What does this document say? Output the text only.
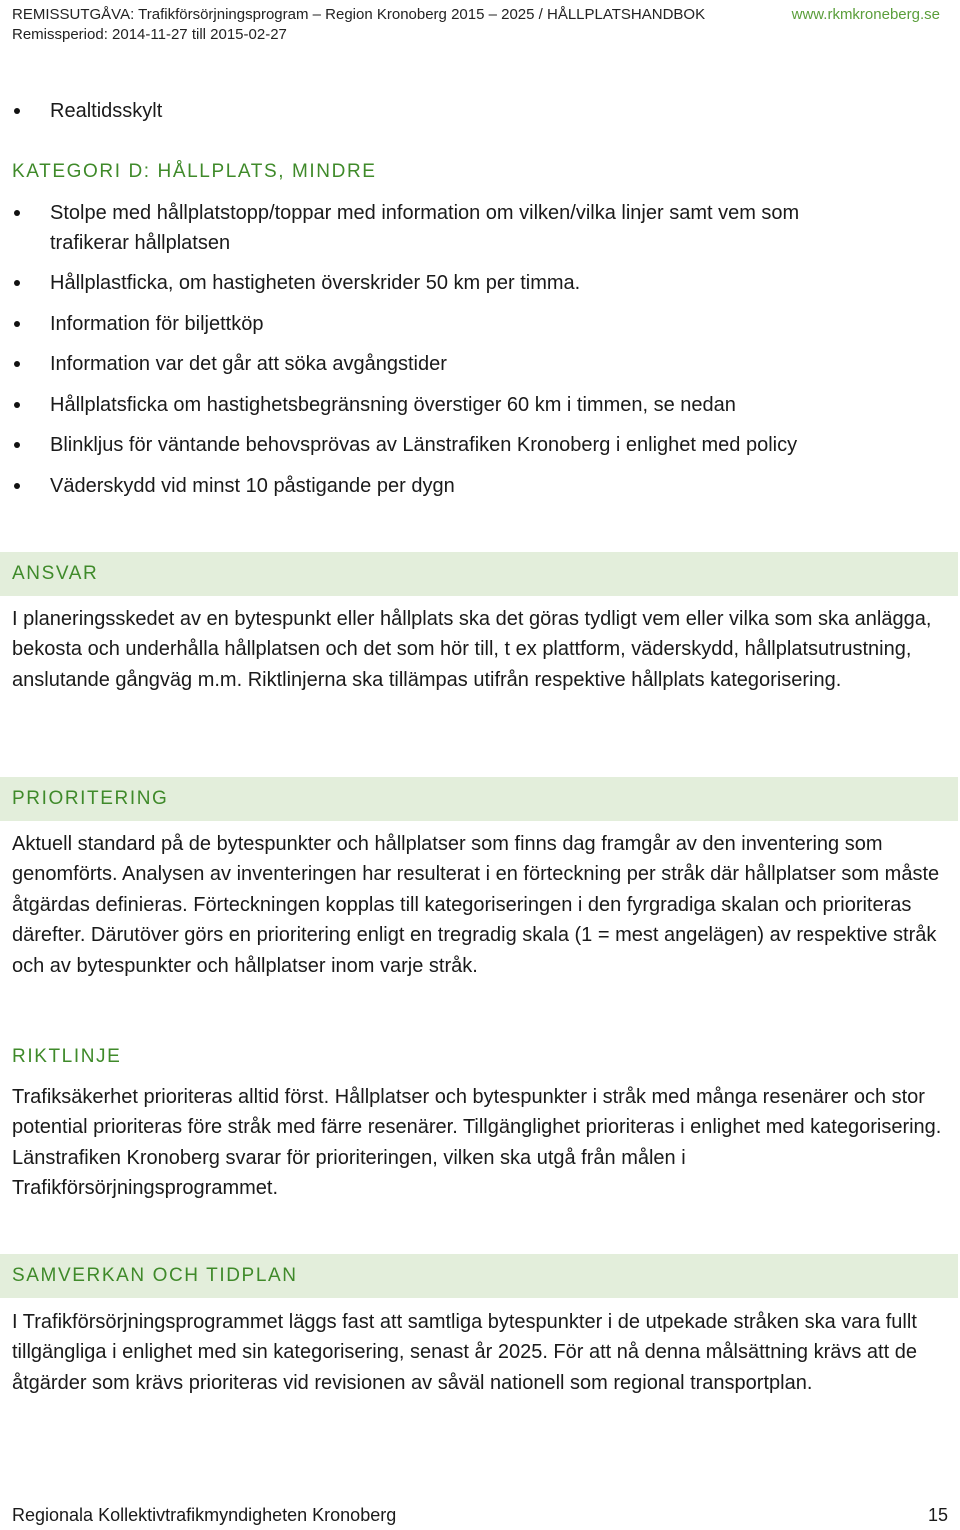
REMISSUTGÅVA: Trafikförsörjningsprogram – Region Kronoberg 2015 – 2025 / HÅLLPLATSHANDBOK
Remissperiod: 2014-11-27 till 2015-02-27
www.rkmkroneberg.se
Realtidsskylt
KATEGORI D: HÅLLPLATS, MINDRE
Stolpe med hållplatstopp/toppar med information om vilken/vilka linjer samt vem som
trafikerar hållplatsen
Hållplastficka, om hastigheten överskrider 50 km per timma.
Information för biljettköp
Information var det går att söka avgångstider
Hållplatsficka om hastighetsbegränsning överstiger 60 km i timmen, se nedan
Blinkljus för väntande behovsprövas av Länstrafiken Kronoberg i enlighet med policy
Väderskydd vid minst 10 påstigande per dygn
ANSVAR
I planeringsskedet av en bytespunkt eller hållplats ska det göras tydligt vem eller vilka som ska anlägga, bekosta och underhålla hållplatsen och det som hör till, t ex plattform, väderskydd, hållplatsutrustning, anslutande gångväg m.m. Riktlinjerna ska tillämpas utifrån respektive hållplats kategorisering.
PRIORITERING
Aktuell standard på de bytespunkter och hållplatser som finns dag framgår av den inventering som genomförts. Analysen av inventeringen har resulterat i en förteckning per stråk där hållplatser som måste åtgärdas definieras. Förteckningen kopplas till kategoriseringen i den fyrgradiga skalan och prioriteras därefter. Därutöver görs en prioritering enligt en tregradig skala (1 = mest angelägen) av respektive stråk och av bytespunkter och hållplatser inom varje stråk.
RIKTLINJE
Trafiksäkerhet prioriteras alltid först. Hållplatser och bytespunkter i stråk med många resenärer och stor potential prioriteras före stråk med färre resenärer. Tillgänglighet prioriteras i enlighet med kategorisering. Länstrafiken Kronoberg svarar för prioriteringen, vilken ska utgå från målen i Trafikförsörjningsprogrammet.
SAMVERKAN OCH TIDPLAN
I Trafikförsörjningsprogrammet läggs fast att samtliga bytespunkter i de utpekade stråken ska vara fullt tillgängliga i enlighet med sin kategorisering, senast år 2025. För att nå denna målsättning krävs att de åtgärder som krävs prioriteras vid revisionen av såväl nationell som regional transportplan.
Regionala Kollektivtrafikmyndigheten Kronoberg	15
